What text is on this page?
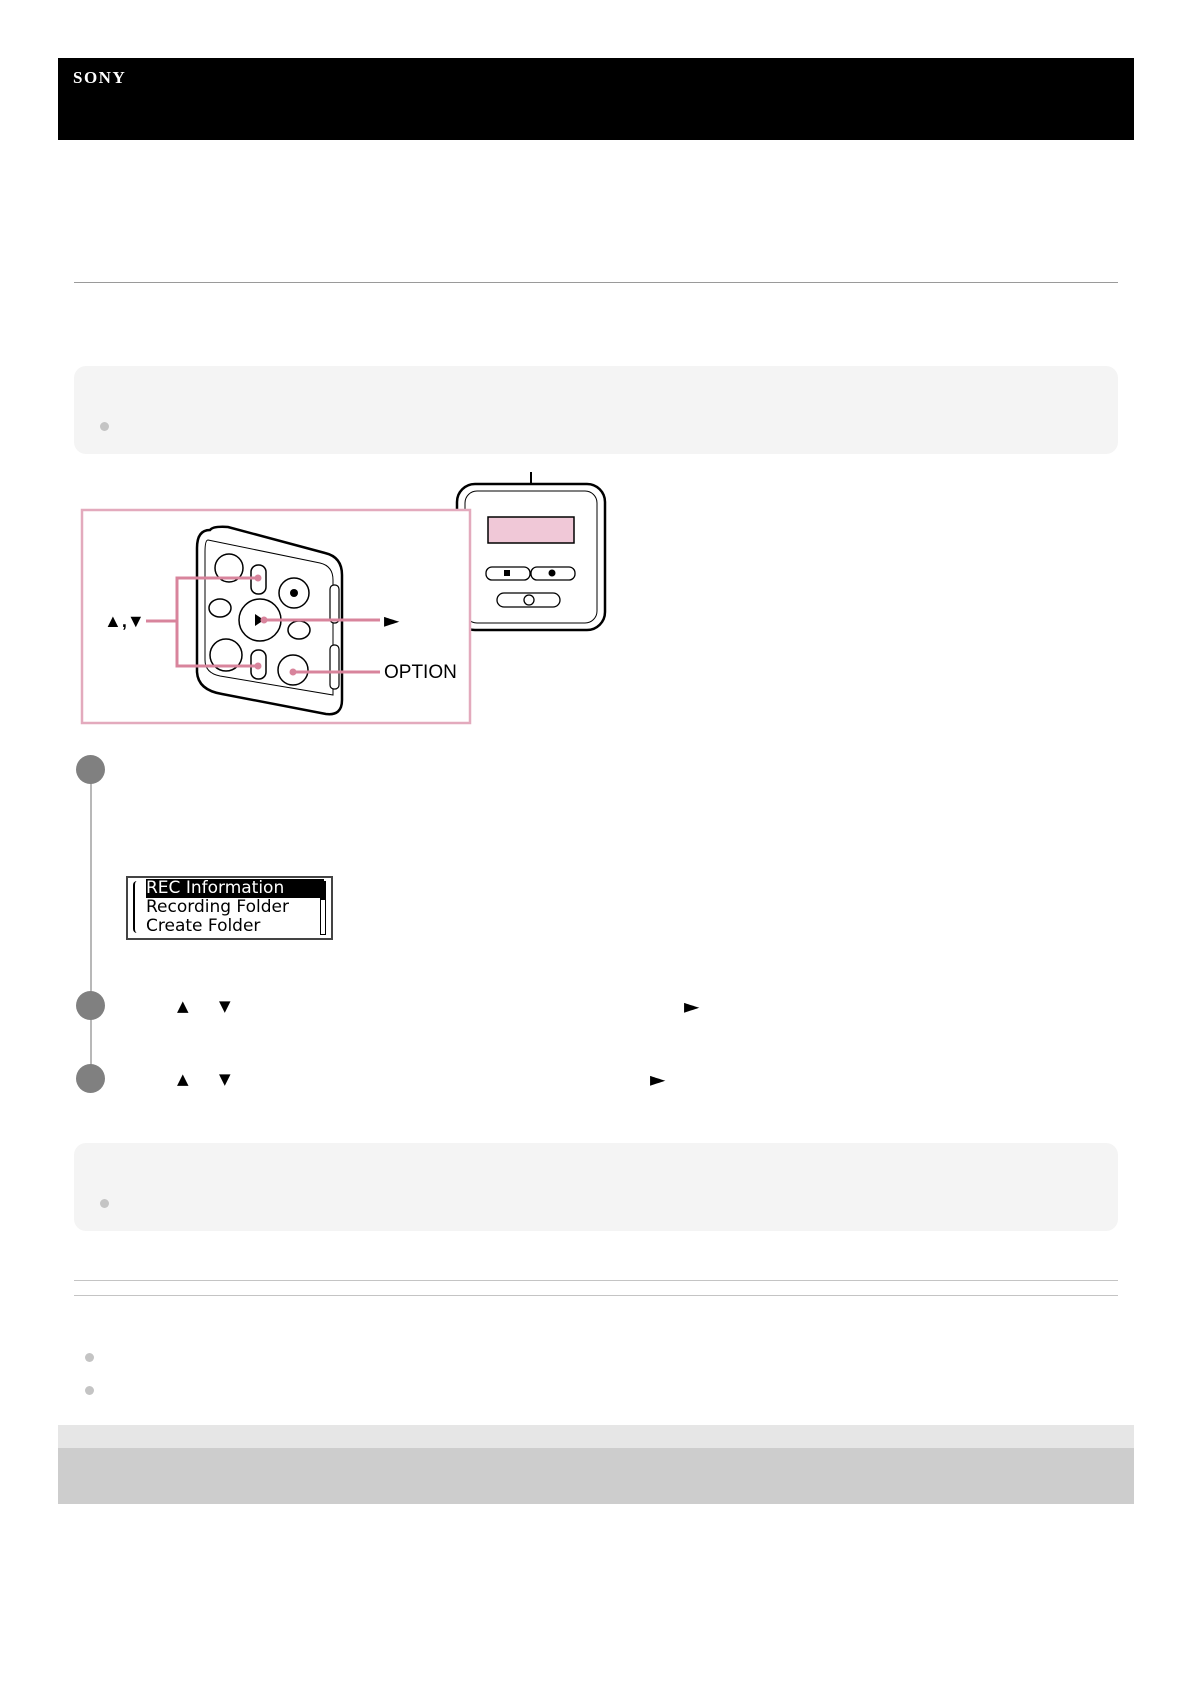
SONY
▲,▼	►
OPTION
REC Information
Recording Folder
Create Folder
▲ ▼	►
▲ ▼	►
